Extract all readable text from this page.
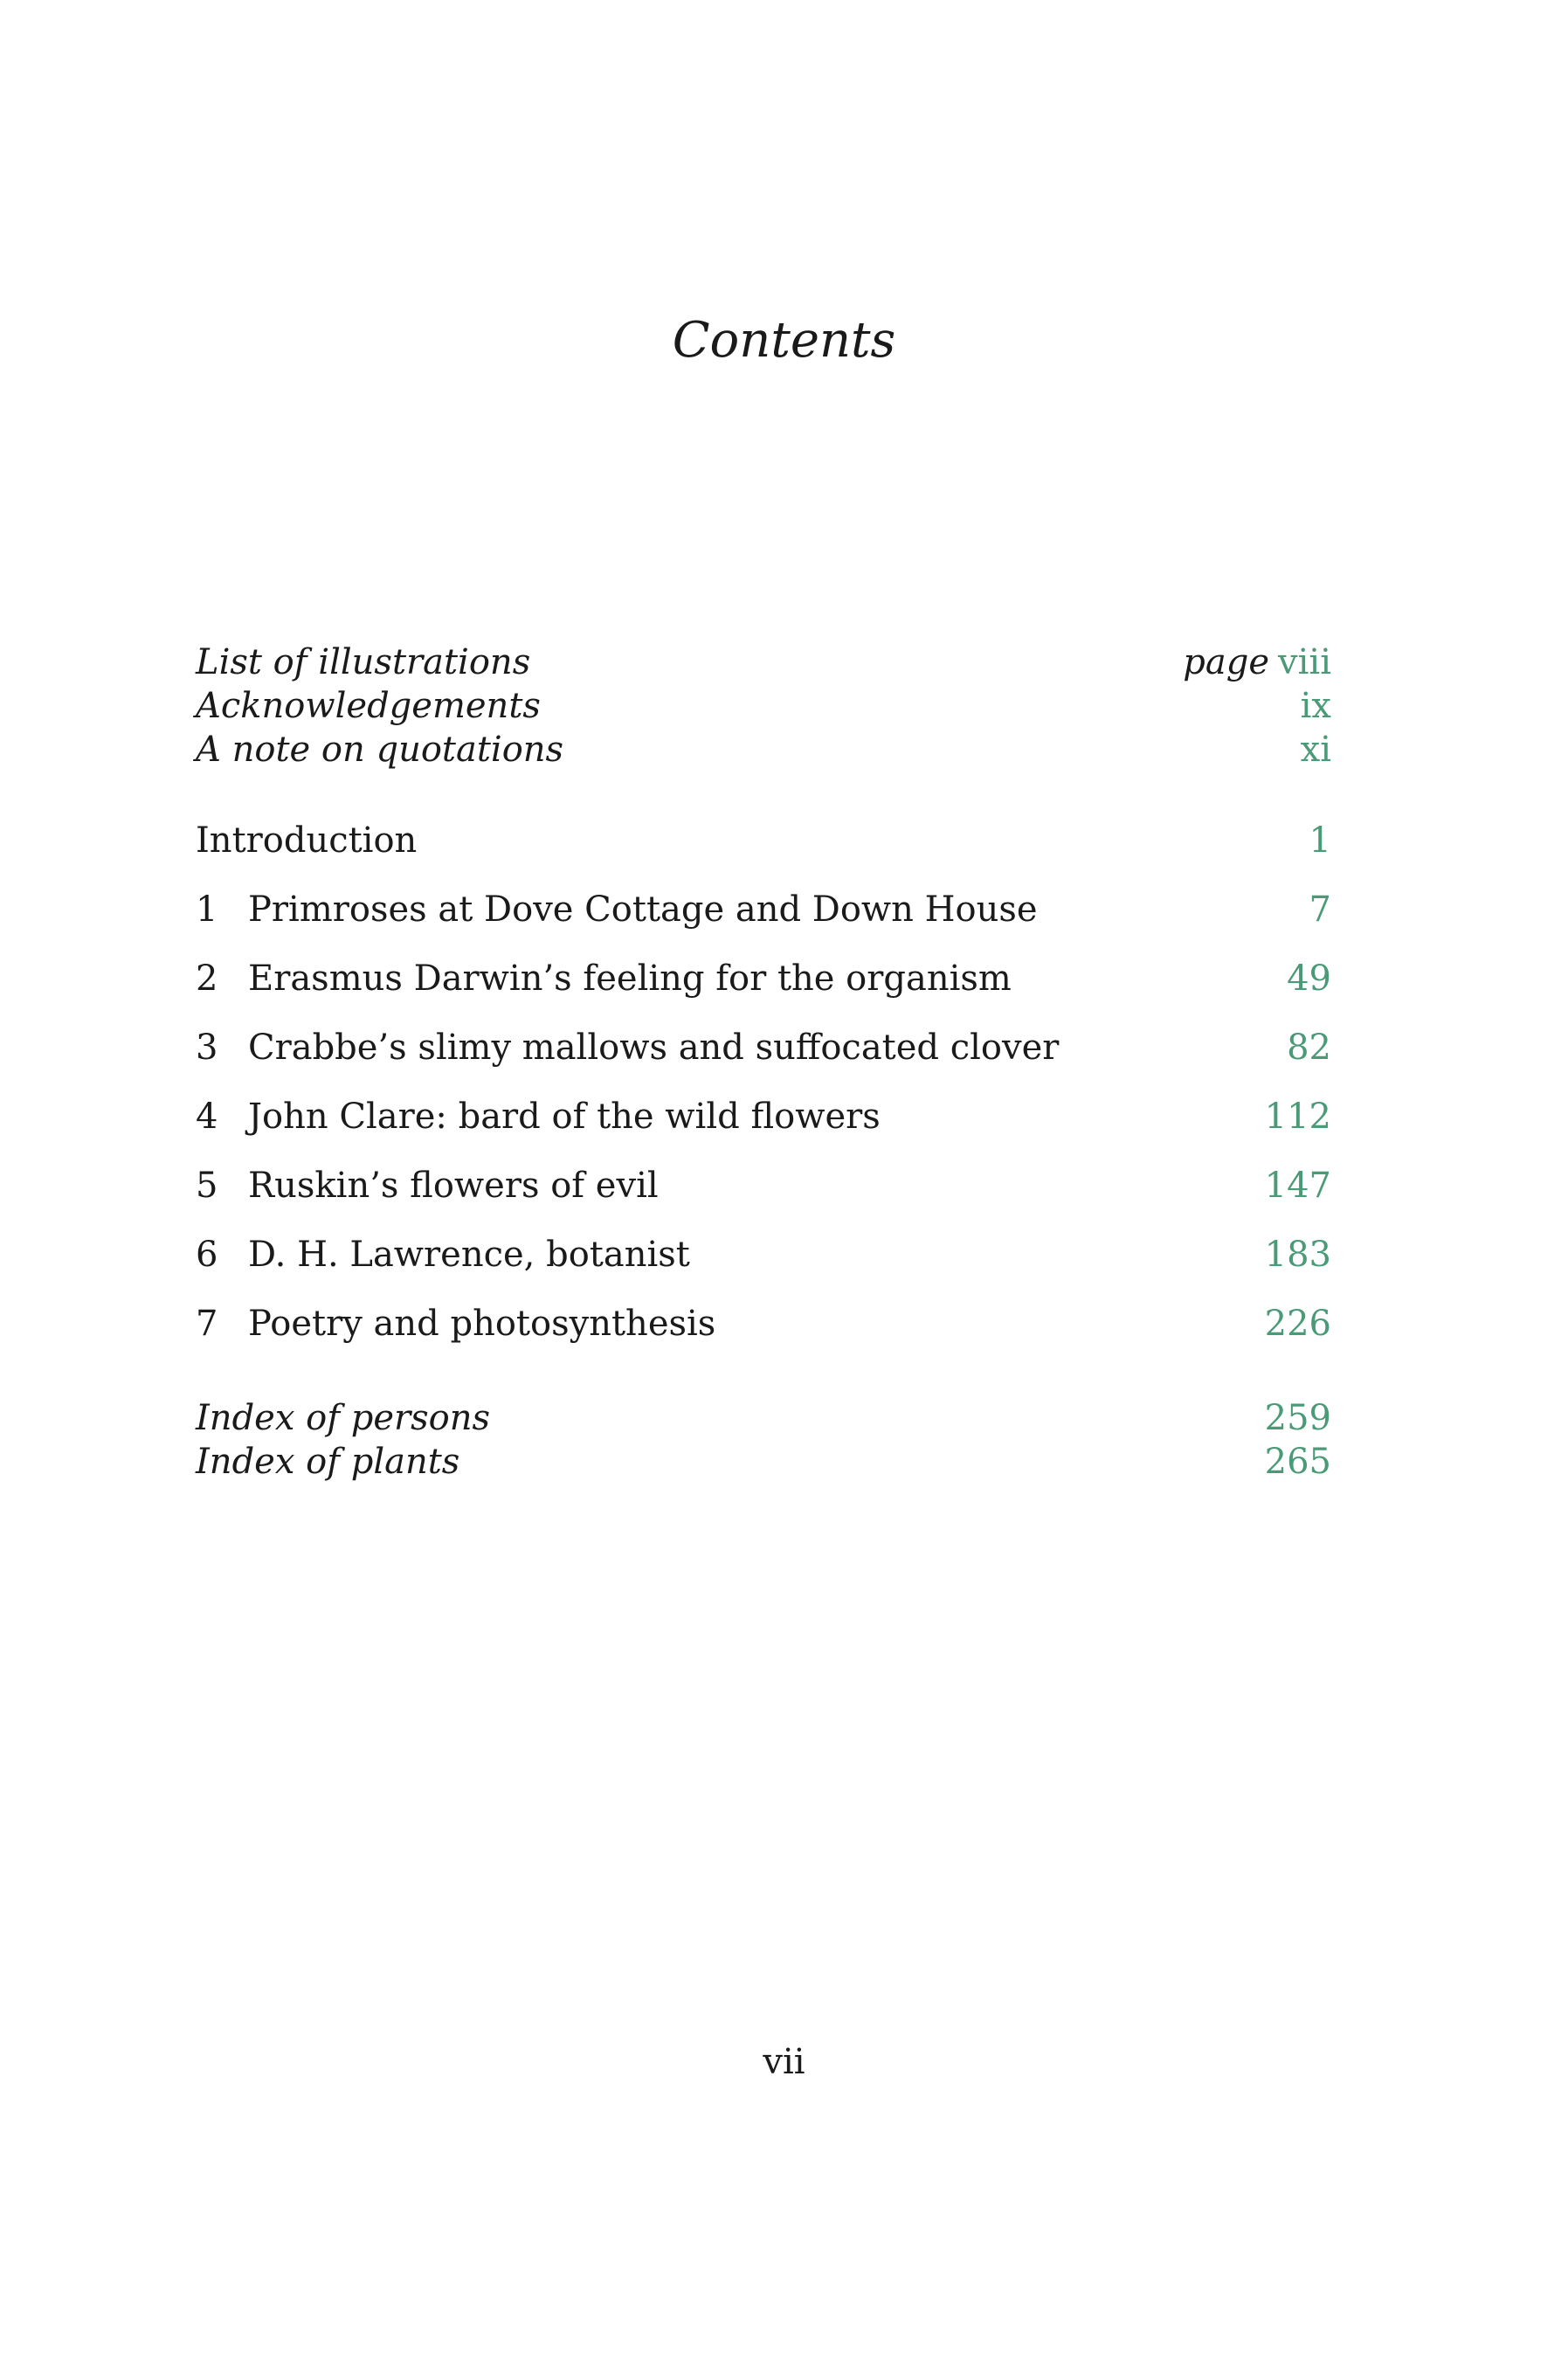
Contents
List of illustrations	page viii
Acknowledgements	ix
A note on quotations	xi
Introduction	1
1 Primroses at Dove Cottage and Down House	7
2 Erasmus Darwin’s feeling for the organism	49
3 Crabbe’s slimy mallows and suffocated clover	82
4 John Clare: bard of the wild flowers	112
5 Ruskin’s flowers of evil	147
6 D. H. Lawrence, botanist	183
7 Poetry and photosynthesis	226
Index of persons	259
Index of plants	265
vii
